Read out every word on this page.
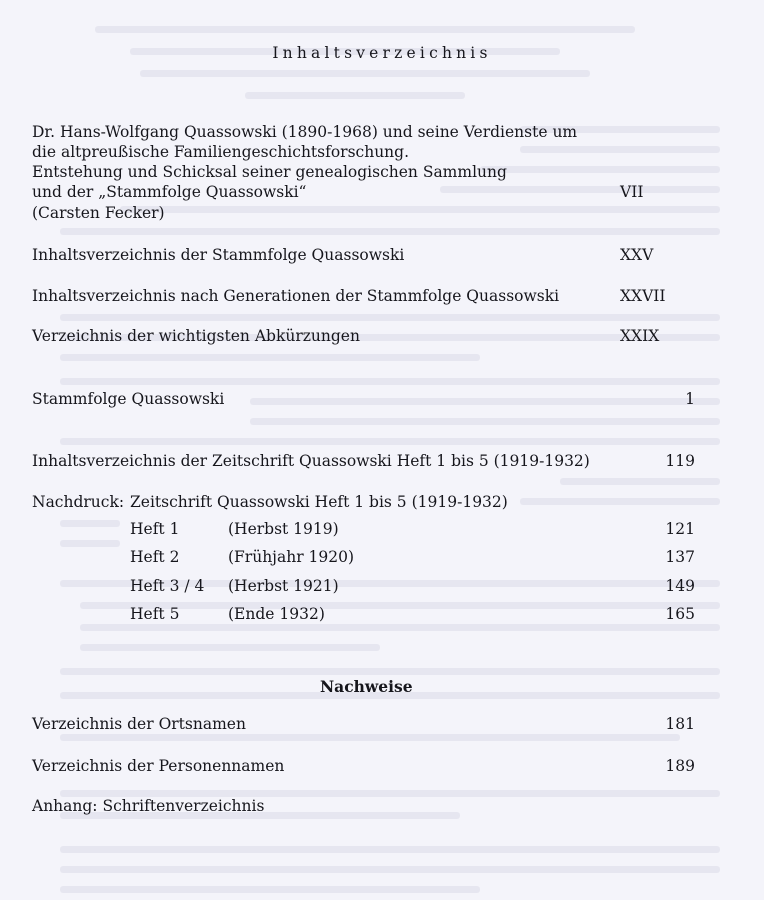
Inhaltsverzeichnis
Dr. Hans-Wolfgang Quassowski (1890-1968) und seine Verdienste um
die altpreußische Familiengeschichtsforschung.
Entstehung und Schicksal seiner genealogischen Sammlung
und der „Stammfolge Quassowski“	VII
(Carsten Fecker)
Inhaltsverzeichnis der Stammfolge Quassowski	XXV
Inhaltsverzeichnis nach Generationen der Stammfolge Quassowski	XXVII
Verzeichnis der wichtigsten Abkürzungen	XXIX
Stammfolge Quassowski	1
Inhaltsverzeichnis der Zeitschrift Quassowski Heft 1 bis 5 (1919-1932)	119
Nachdruck: Zeitschrift Quassowski Heft 1 bis 5 (1919-1932)
Heft 1	(Herbst 1919)	121
Heft 2	(Frühjahr 1920)	137
Heft 3 / 4 (Herbst 1921)	149
Heft 5	(Ende 1932)	165
Nachweise
Verzeichnis der Ortsnamen	181
Verzeichnis der Personennamen	189
Anhang: Schriftenverzeichnis
